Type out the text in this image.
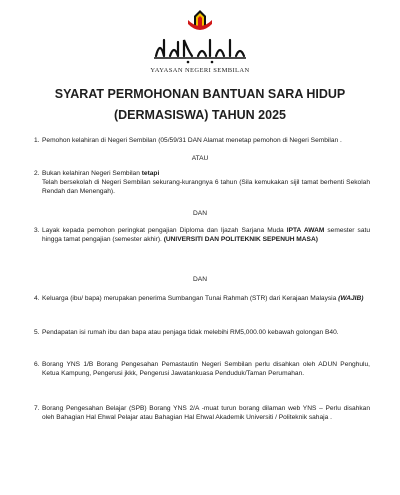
YAYASAN NEGERI SEMBILAN
SYARAT PERMOHONAN BANTUAN SARA HIDUP
(DERMASISWA) TAHUN 2025
1. Pemohon kelahiran di Negeri Sembilan (05/59/31 DAN Alamat menetap pemohon di Negeri Sembilan .

ATAU
2. Bukan kelahiran Negeri Sembilan tetapi

Telah bersekolah di Negeri Sembilan sekurang-kurangnya 6 tahun (Sila kemukakan sijil tamat berhenti Sekolah Rendah dan Menengah).

DAN
3. Layak kepada pemohon peringkat pengajian Diploma dan Ijazah Sarjana Muda IPTA AWAM semester satu hingga tamat pengajian (semester akhir). (UNIVERSITI DAN POLITEKNIK SEPENUH MASA)

DAN
4. Keluarga (ibu/ bapa) merupakan penerima Sumbangan Tunai Rahmah (STR) dari Kerajaan Malaysia (WAJIB)

5. Pendapatan isi rumah ibu dan bapa atau penjaga tidak melebihi RM5,000.00 kebawah golongan B40.

6. Borang YNS 1/B Borang Pengesahan Pemastautin Negeri Sembilan perlu disahkan oleh ADUN Penghulu, Ketua Kampung, Pengerusi jkkk, Pengerusi Jawatankuasa Penduduk/Taman Perumahan.

7. Borang Pengesahan Belajar (SPB) Borang YNS 2/A -muat turun borang dilaman web YNS – Perlu disahkan oleh Bahagian Hal Ehwal Pelajar atau Bahagian Hal Ehwal Akademik Universiti / Politeknik sahaja .
